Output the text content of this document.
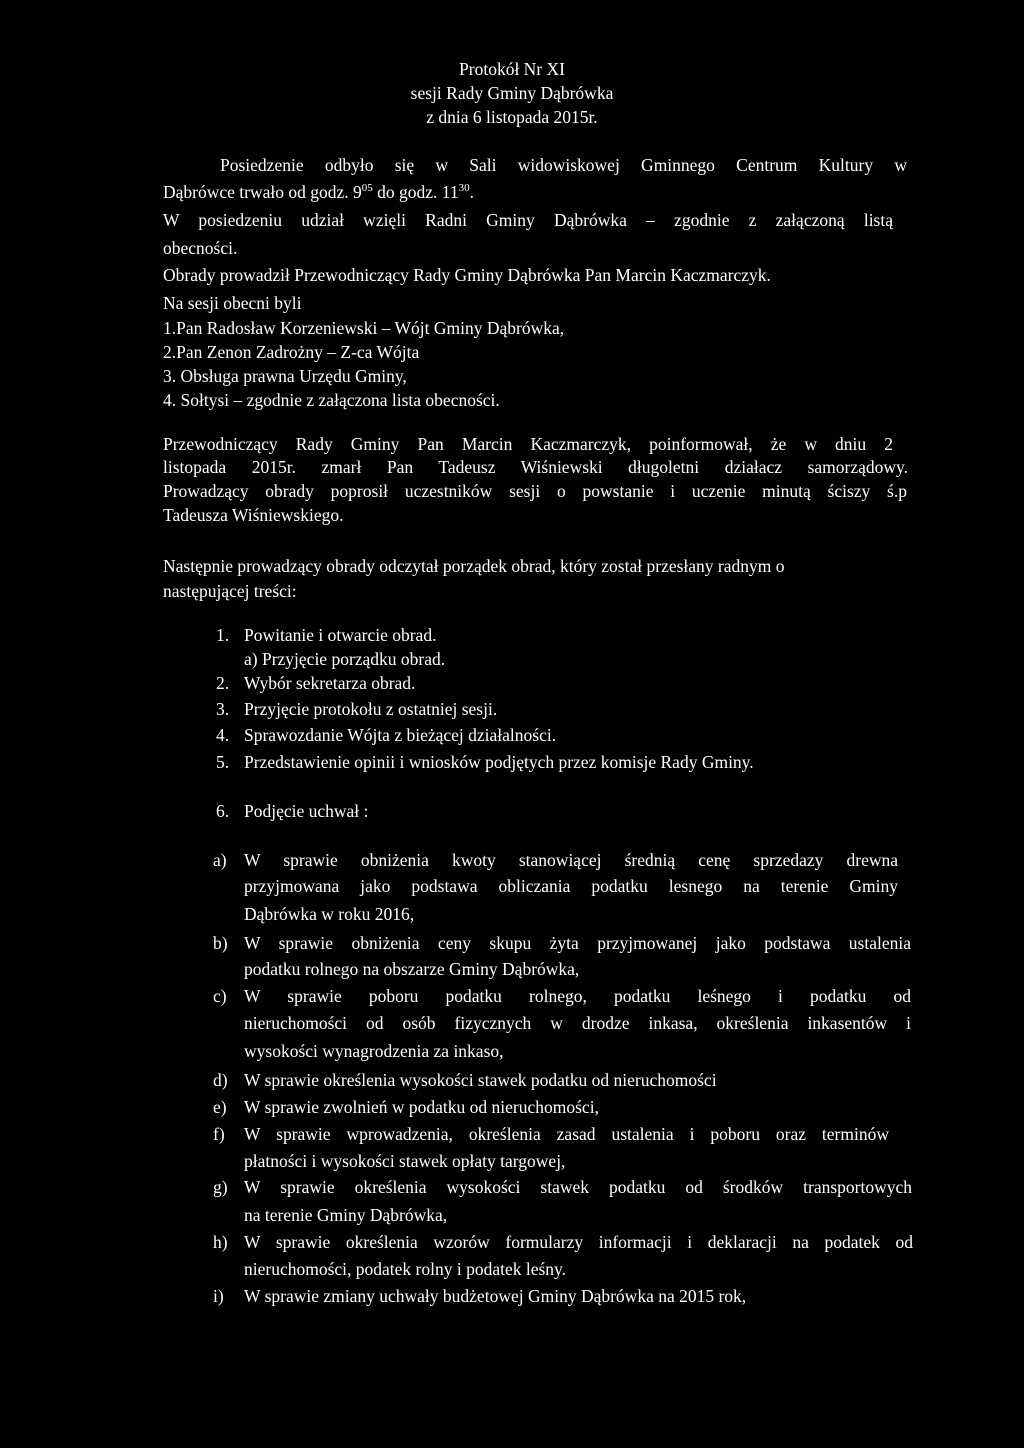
Protokół Nr XI
sesji Rady Gminy Dąbrówka
z dnia 6 listopada 2015r.
Posiedzenie odbyło się w Sali widowiskowej Gminnego Centrum Kultury w
Dąbrówce trwało od godz. $9^{05}$ do godz. $11^{30}$.
W posiedzeniu udział wzięli Radni Gminy Dąbrówka – zgodnie z załączoną listą
obecności.
Obrady prowadził Przewodniczący Rady Gminy Dąbrówka Pan Marcin Kaczmarczyk.
Na sesji obecni byli
1.Pan Radosław Korzeniewski – Wójt Gminy Dąbrówka,
2.Pan Zenon Zadrożny – Z-ca Wójta
3. Obsługa prawna Urzędu Gminy,
4. Sołtysi – zgodnie z załączona lista obecności.
Przewodniczący Rady Gminy Pan Marcin Kaczmarczyk, poinformował, że w dniu 2
listopada 2015r. zmarł Pan Tadeusz Wiśniewski długoletni działacz samorządowy.
Prowadzący obrady poprosił uczestników sesji o powstanie i uczenie minutą ściszy ś.p
Tadeusza Wiśniewskiego.
Następnie prowadzący obrady odczytał porządek obrad, który został przesłany radnym o
następującej treści:
1. Powitanie i otwarcie obrad.
a) Przyjęcie porządku obrad.
2. Wybór sekretarza obrad.
3. Przyjęcie protokołu z ostatniej sesji.
4. Sprawozdanie Wójta z bieżącej działalności.
5. Przedstawienie opinii i wniosków podjętych przez komisje Rady Gminy.
6. Podjęcie uchwał :
a) W sprawie obniżenia kwoty stanowiącej średnią cenę sprzedazy drewna
przyjmowana jako podstawa obliczania podatku lesnego na terenie Gminy
Dąbrówka w roku 2016,
b) W sprawie obniżenia ceny skupu żyta przyjmowanej jako podstawa ustalenia
podatku rolnego na obszarze Gminy Dąbrówka,
c) W sprawie poboru podatku rolnego, podatku leśnego i podatku od
nieruchomości od osób fizycznych w drodze inkasa, określenia inkasentów i
wysokości wynagrodzenia za inkaso,
d) W sprawie określenia wysokości stawek podatku od nieruchomości
e) W sprawie zwolnień w podatku od nieruchomości,
f) W sprawie wprowadzenia, określenia zasad ustalenia i poboru oraz terminów
płatności i wysokości stawek opłaty targowej,
g) W sprawie określenia wysokości stawek podatku od środków transportowych
na terenie Gminy Dąbrówka,
h) W sprawie określenia wzorów formularzy informacji i deklaracji na podatek od
nieruchomości, podatek rolny i podatek leśny.
i) W sprawie zmiany uchwały budżetowej Gminy Dąbrówka na 2015 rok,
